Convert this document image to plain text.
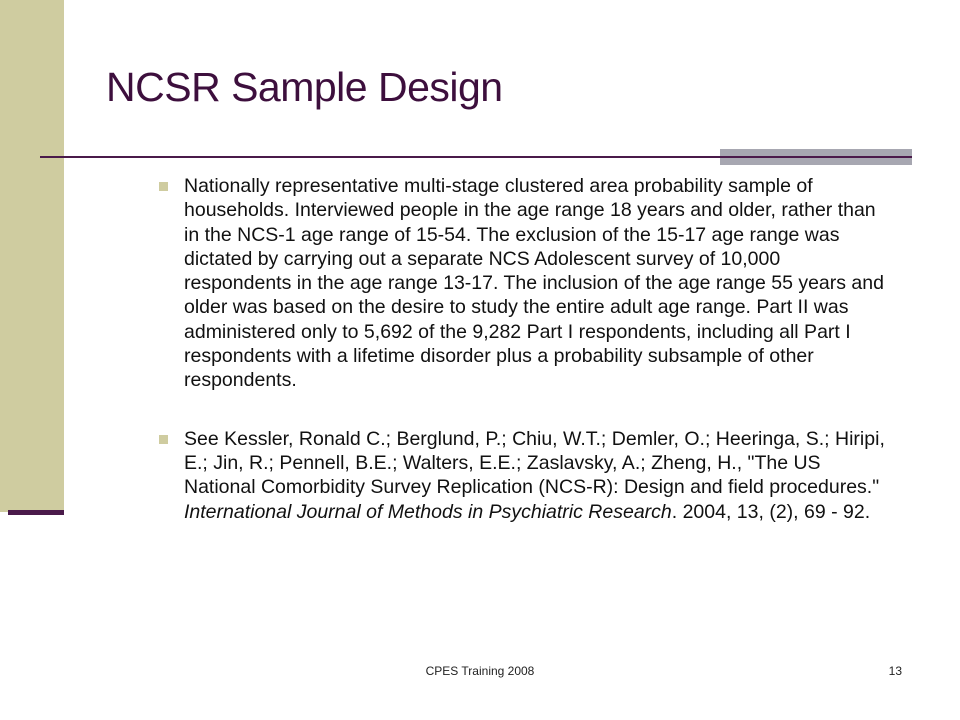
NCSR Sample Design
Nationally representative multi-stage clustered area probability sample of households. Interviewed people in the age range 18 years and older, rather than in the NCS-1 age range of 15-54. The exclusion of the 15-17 age range was dictated by carrying out a separate NCS Adolescent survey of 10,000 respondents in the age range 13-17. The inclusion of the age range 55 years and older was based on the desire to study the entire adult age range. Part II was administered only to 5,692 of the 9,282 Part I respondents, including all Part I respondents with a lifetime disorder plus a probability subsample of other respondents.
See Kessler, Ronald C.; Berglund, P.; Chiu, W.T.; Demler, O.; Heeringa, S.; Hiripi, E.; Jin, R.; Pennell, B.E.; Walters, E.E.; Zaslavsky, A.; Zheng, H., "The US National Comorbidity Survey Replication (NCS-R): Design and field procedures." International Journal of Methods in Psychiatric Research. 2004, 13, (2), 69 - 92.
CPES Training 2008	13
